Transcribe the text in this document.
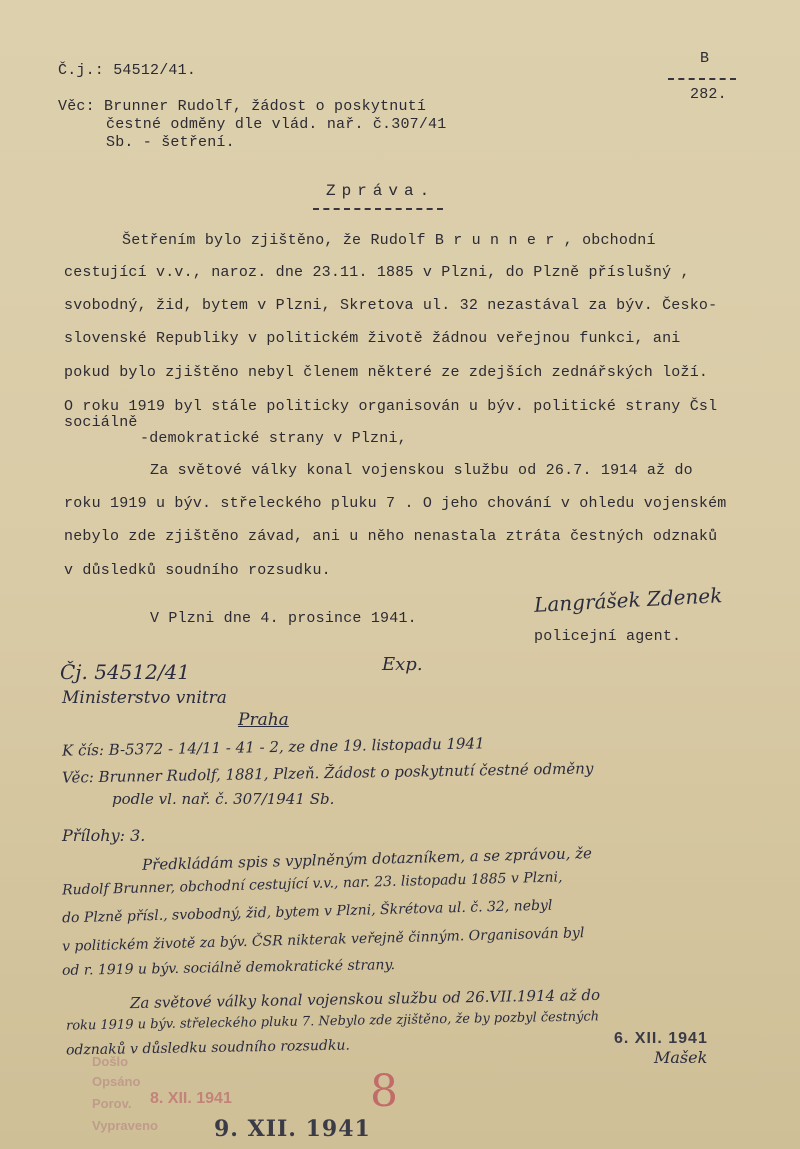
Č.j.: 54512/41.
B
282.
Věc: Brunner Rudolf, žádost o poskytnutí
čestné odměny dle vlád. nař. č.307/41
Sb. - šetření.
Zpráva.
Šetřením bylo zjištěno, že Rudolf B r u n n e r , obchodní
cestující v.v., naroz. dne 23.11. 1885 v Plzni, do Plzně příslušný ,
svobodný, žid, bytem v Plzni, Skretova ul. 32 nezastával za býv. Česko-
slovenské Republiky v politickém životě žádnou veřejnou funkci, ani
pokud bylo zjištěno nebyl členem některé ze zdejších zednářských loží.
O roku 1919 byl stále politicky organisován u býv. politické strany Čsl
sociálně
-demokratické strany v Plzni,
Za světové války konal vojenskou službu od 26.7. 1914 až do
roku 1919 u býv. střeleckého pluku 7 . O jeho chování v ohledu vojenském
nebylo zde zjištěno závad, ani u něho nenastala ztráta čestných odznaků
v důsledků soudního rozsudku.
V Plzni dne 4. prosince 1941.
Langrášek Zdenek
policejní agent.
Čj. 54512/41	Exp.
Ministerstvo vnitra
Praha
K čís: B-5372 - 14/11 - 41 - 2, ze dne 19. listopadu 1941
Věc: Brunner Rudolf, 1881, Plzeň. Žádost o poskytnutí čestné odměny
podle vl. nař. č. 307/1941 Sb.
Přílohy: 3.
Předkládám spis s vyplněným dotazníkem, a se zprávou, že
Rudolf Brunner, obchodní cestující v.v., nar. 23. listopadu 1885 v Plzni,
do Plzně přísl., svobodný, žid, bytem v Plzni, Škrétova ul. č. 32, nebyl
v politickém životě za býv. ČSR nikterak veřejně činným. Organisován byl
od r. 1919 u býv. sociálně demokratické strany.
Za světové války konal vojenskou službu od 26.VII.1914 až do
roku 1919 u býv. střeleckého pluku 7. Nebylo zde zjištěno, že by pozbyl čestných
odznaků v důsledku soudního rozsudku.	Mašek
Došlo
Opsáno
Porov.
Vypraveno
8. XII. 1941
6. XII. 1941
9. XII. 1941
8
